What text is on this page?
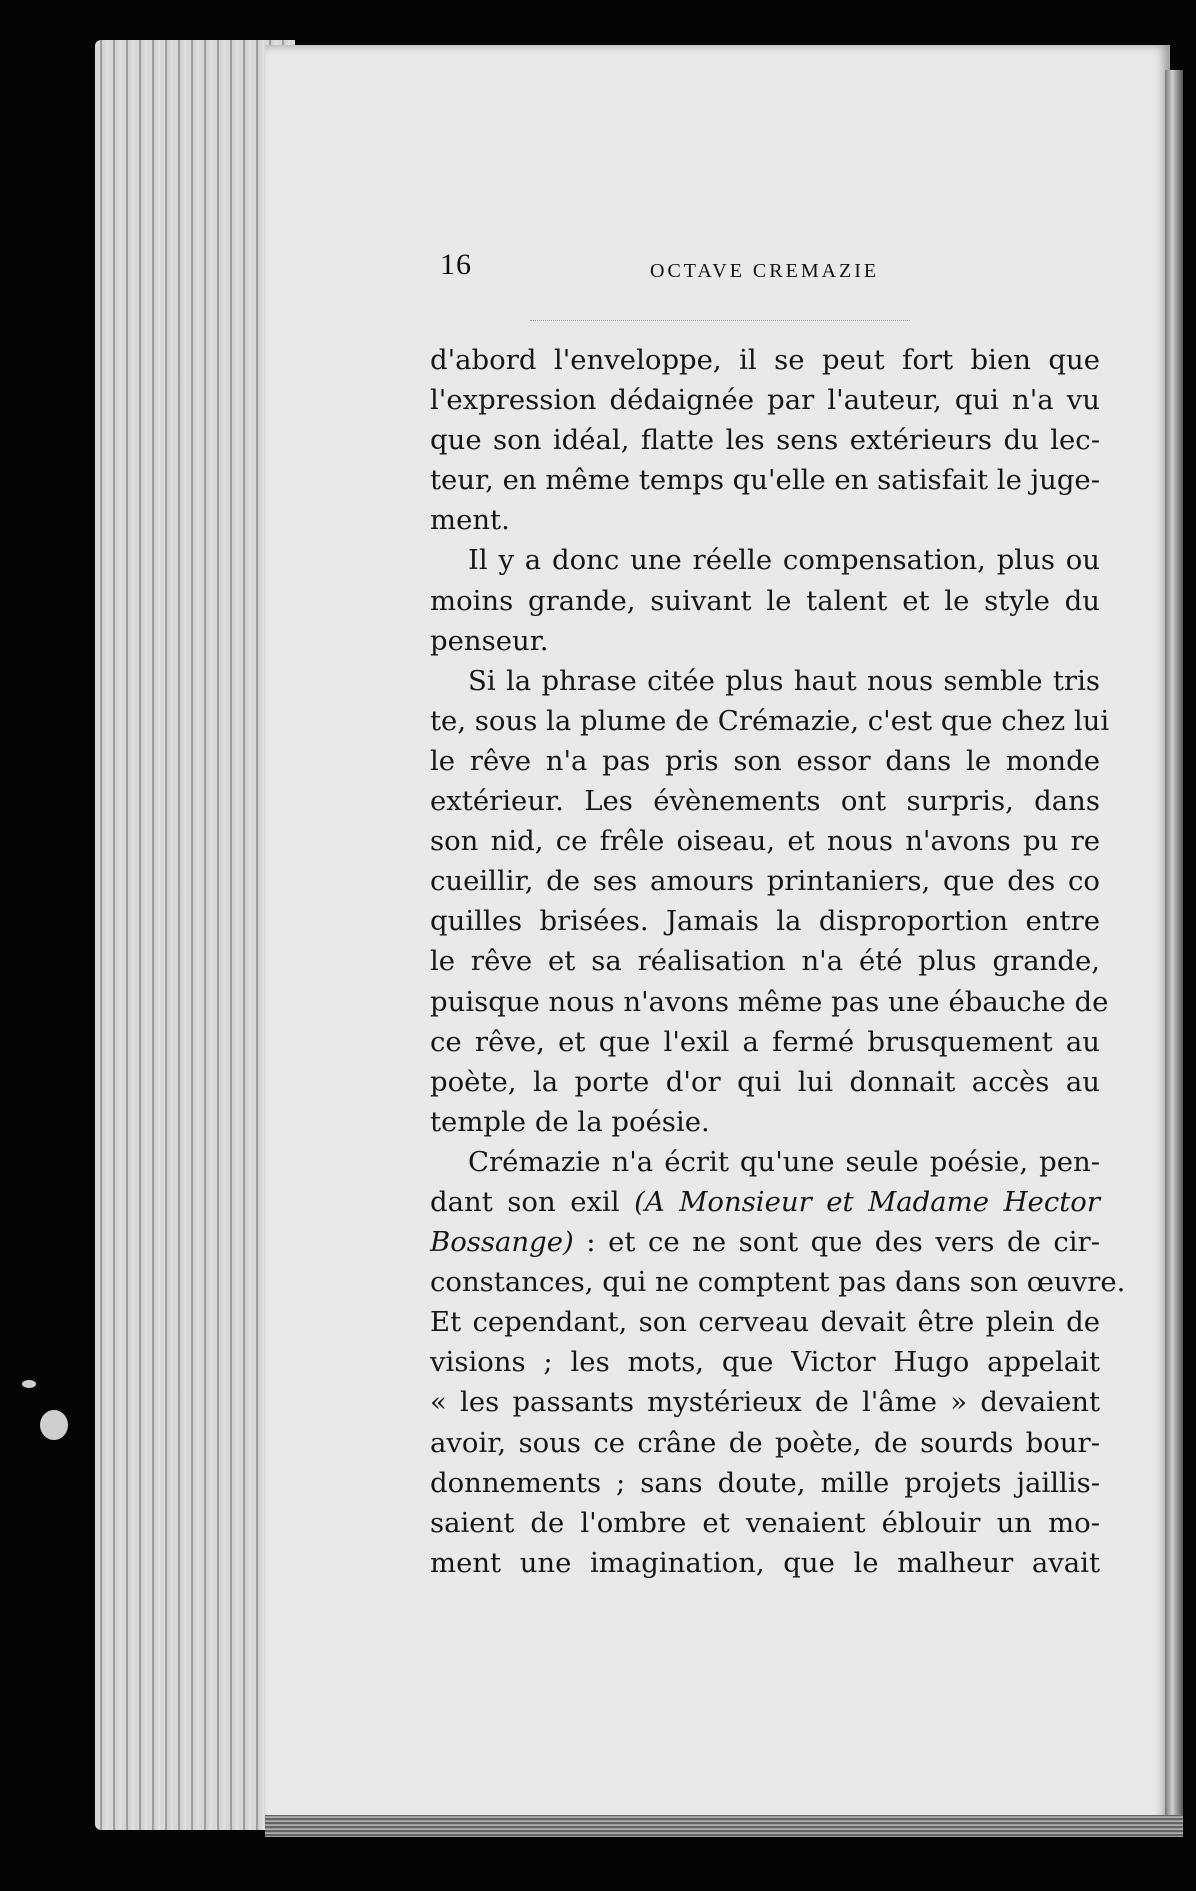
16	OCTAVE CREMAZIE
d'abord l'enveloppe, il se peut fort bien que
l'expression dédaignée par l'auteur, qui n'a vu
que son idéal, flatte les sens extérieurs du lec-
teur, en même temps qu'elle en satisfait le juge-
ment.
Il y a donc une réelle compensation, plus ou
moins grande, suivant le talent et le style du
penseur.
Si la phrase citée plus haut nous semble tris
te, sous la plume de Crémazie, c'est que chez lui
le rêve n'a pas pris son essor dans le monde
extérieur. Les évènements ont surpris, dans
son nid, ce frêle oiseau, et nous n'avons pu re
cueillir, de ses amours printaniers, que des co
quilles brisées. Jamais la disproportion entre
le rêve et sa réalisation n'a été plus grande,
puisque nous n'avons même pas une ébauche de
ce rêve, et que l'exil a fermé brusquement au
poète, la porte d'or qui lui donnait accès au
temple de la poésie.
Crémazie n'a écrit qu'une seule poésie, pen-
dant son exil (A Monsieur et Madame Hector
Bossange) : et ce ne sont que des vers de cir-
constances, qui ne comptent pas dans son œuvre.
Et cependant, son cerveau devait être plein de
visions ; les mots, que Victor Hugo appelait
« les passants mystérieux de l'âme » devaient
avoir, sous ce crâne de poète, de sourds bour-
donnements ; sans doute, mille projets jaillis-
saient de l'ombre et venaient éblouir un mo-
ment une imagination, que le malheur avait
